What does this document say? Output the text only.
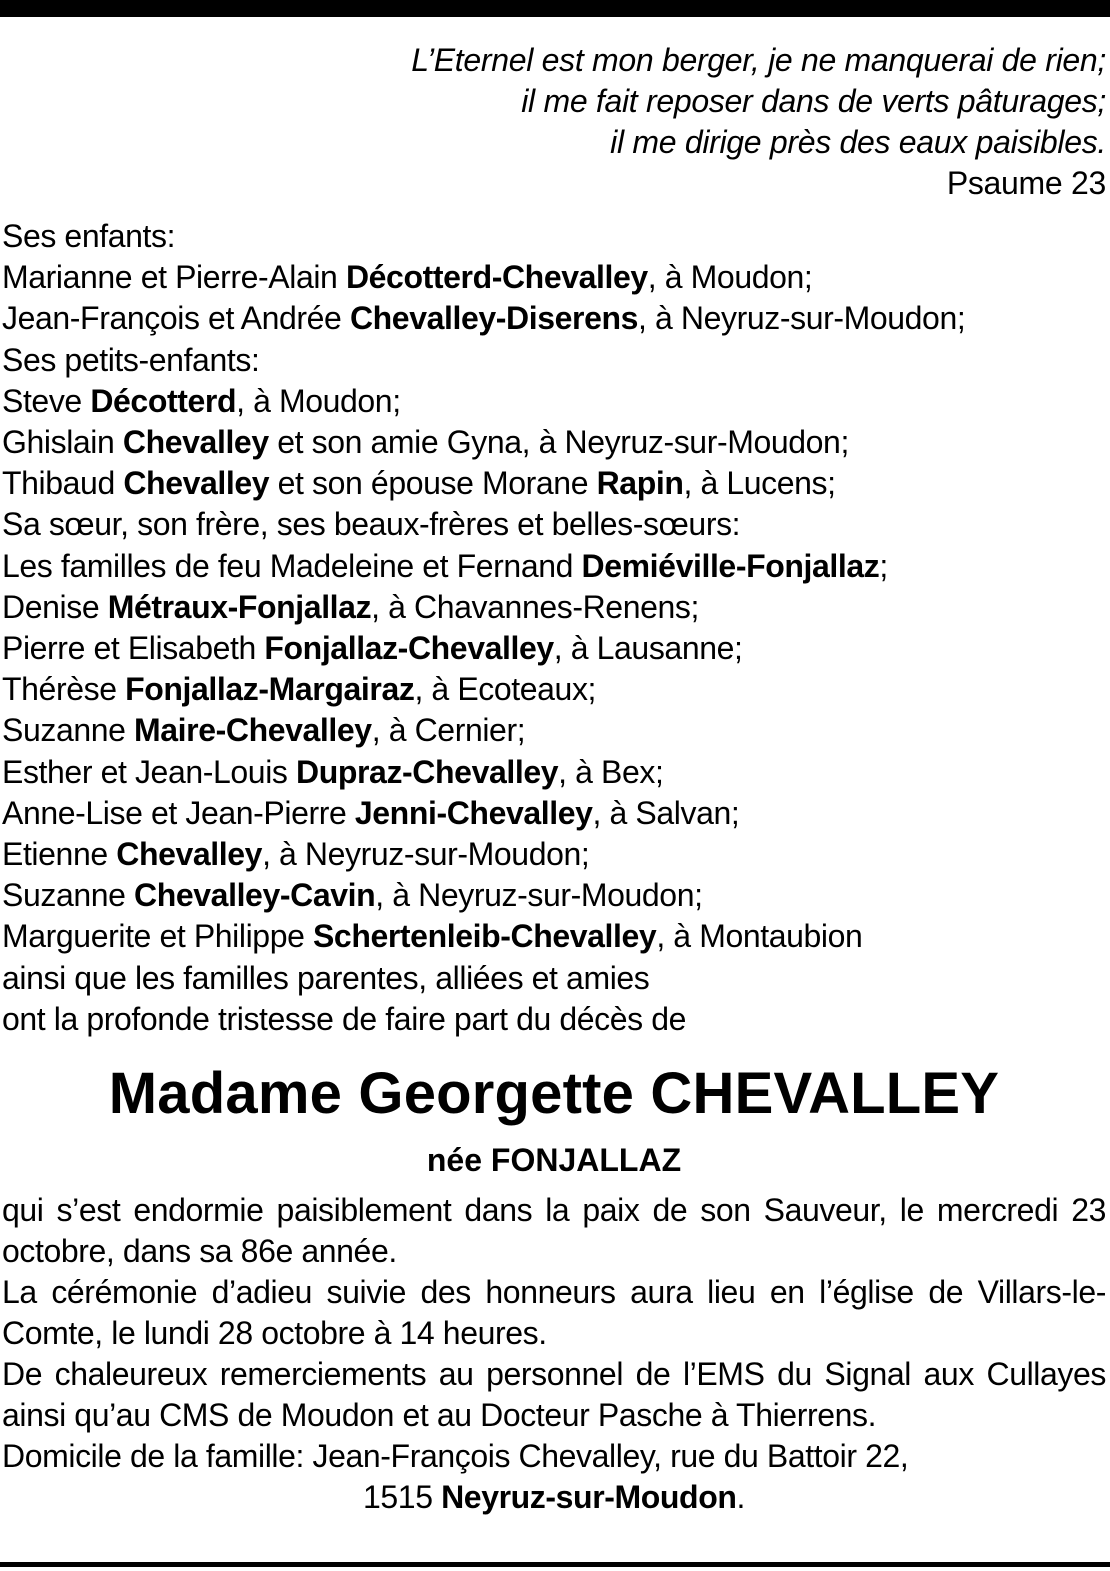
L’Eternel est mon berger, je ne manquerai de rien;
il me fait reposer dans de verts pâturages;
il me dirige près des eaux paisibles.
Psaume 23
Ses enfants:
Marianne et Pierre-Alain Décotterd-Chevalley, à Moudon;
Jean-François et Andrée Chevalley-Diserens, à Neyruz-sur-Moudon;
Ses petits-enfants:
Steve Décotterd, à Moudon;
Ghislain Chevalley et son amie Gyna, à Neyruz-sur-Moudon;
Thibaud Chevalley et son épouse Morane Rapin, à Lucens;
Sa sœur, son frère, ses beaux-frères et belles-sœurs:
Les familles de feu Madeleine et Fernand Demiéville-Fonjallaz;
Denise Métraux-Fonjallaz, à Chavannes-Renens;
Pierre et Elisabeth Fonjallaz-Chevalley, à Lausanne;
Thérèse Fonjallaz-Margairaz, à Ecoteaux;
Suzanne Maire-Chevalley, à Cernier;
Esther et Jean-Louis Dupraz-Chevalley, à Bex;
Anne-Lise et Jean-Pierre Jenni-Chevalley, à Salvan;
Etienne Chevalley, à Neyruz-sur-Moudon;
Suzanne Chevalley-Cavin, à Neyruz-sur-Moudon;
Marguerite et Philippe Schertenleib-Chevalley, à Montaubion
ainsi que les familles parentes, alliées et amies
ont la profonde tristesse de faire part du décès de
Madame Georgette CHEVALLEY
née FONJALLAZ
qui s’est endormie paisiblement dans la paix de son Sauveur, le mercredi 23 octobre, dans sa 86e année.
La cérémonie d’adieu suivie des honneurs aura lieu en l’église de Villars-le-Comte, le lundi 28 octobre à 14 heures.
De chaleureux remerciements au personnel de l’EMS du Signal aux Cullayes ainsi qu’au CMS de Moudon et au Docteur Pasche à Thierrens.
Domicile de la famille: Jean-François Chevalley, rue du Battoir 22,
1515 Neyruz-sur-Moudon.
